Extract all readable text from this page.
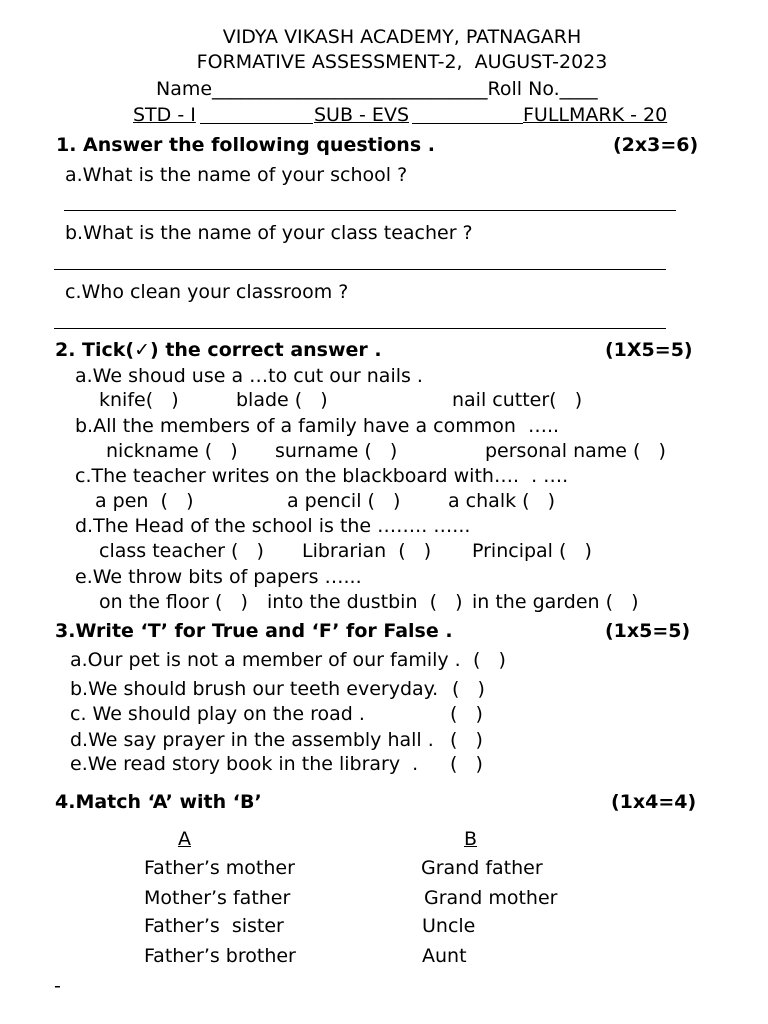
VIDYA VIKASH ACADEMY, PATNAGARH
FORMATIVE ASSESSMENT-2,  AUGUST-2023
Name_____________________________Roll No.____
STD - I	SUB - EVS	FULLMARK - 20
1. Answer the following questions .	(2x3=6)
a.What is the name of your school ?
b.What is the name of your class teacher ?
c.Who clean your classroom ?
2. Tick(✓) the correct answer .	(1X5=5)
a.We shoud use a …to cut our nails .
knife(   )	blade (   )	nail cutter(   )
b.All the members of a family have a common  …..
nickname (   ) surname (   )	personal name (   )
c.The teacher writes on the blackboard with….  . ….
a pen  (   )	a pencil (   )	a chalk (   )
d.The Head of the school is the …….. …...
class teacher (   ) Librarian  (   ) Principal (   )
e.We throw bits of papers …...
on the floor (   ) into the dustbin  (   ) in the garden (   )
3.Write ‘T’ for True and ‘F’ for False .	(1x5=5)
a.Our pet is not a member of our family . (   )
b.We should brush our teeth everyday. (   )
c. We should play on the road .	(   )
d.We say prayer in the assembly hall . (   )
e.We read story book in the library  . (   )
4.Match ‘A’ with ‘B’	(1x4=4)
A	B
Father’s mother	Grand father
Mother’s father	Grand mother
Father’s  sister	Uncle
Father’s brother	Aunt
-
